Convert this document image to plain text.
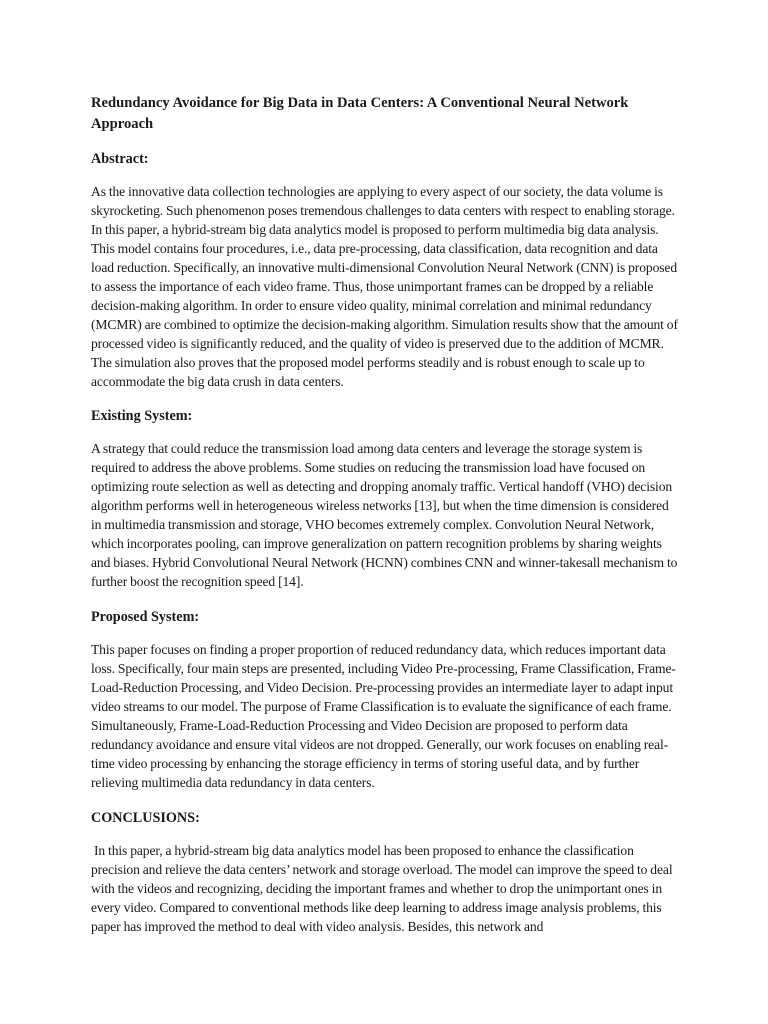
Redundancy Avoidance for Big Data in Data Centers: A Conventional Neural Network Approach
Abstract:

As the innovative data collection technologies are applying to every aspect of our society, the data volume is skyrocketing. Such phenomenon poses tremendous challenges to data centers with respect to enabling storage. In this paper, a hybrid-stream big data analytics model is proposed to perform multimedia big data analysis. This model contains four procedures, i.e., data pre-processing, data classification, data recognition and data load reduction. Specifically, an innovative multi-dimensional Convolution Neural Network (CNN) is proposed to assess the importance of each video frame. Thus, those unimportant frames can be dropped by a reliable decision-making algorithm. In order to ensure video quality, minimal correlation and minimal redundancy (MCMR) are combined to optimize the decision-making algorithm. Simulation results show that the amount of processed video is significantly reduced, and the quality of video is preserved due to the addition of MCMR. The simulation also proves that the proposed model performs steadily and is robust enough to scale up to accommodate the big data crush in data centers.

Existing System:

A strategy that could reduce the transmission load among data centers and leverage the storage system is required to address the above problems. Some studies on reducing the transmission load have focused on optimizing route selection as well as detecting and dropping anomaly traffic. Vertical handoff (VHO) decision algorithm performs well in heterogeneous wireless networks [13], but when the time dimension is considered in multimedia transmission and storage, VHO becomes extremely complex. Convolution Neural Network, which incorporates pooling, can improve generalization on pattern recognition problems by sharing weights and biases. Hybrid Convolutional Neural Network (HCNN) combines CNN and winner-takesall mechanism to further boost the recognition speed [14].

Proposed System:

This paper focuses on finding a proper proportion of reduced redundancy data, which reduces important data loss. Specifically, four main steps are presented, including Video Pre-processing, Frame Classification, Frame-Load-Reduction Processing, and Video Decision. Pre-processing provides an intermediate layer to adapt input video streams to our model. The purpose of Frame Classification is to evaluate the significance of each frame. Simultaneously, Frame-Load-Reduction Processing and Video Decision are proposed to perform data redundancy avoidance and ensure vital videos are not dropped. Generally, our work focuses on enabling real-time video processing by enhancing the storage efficiency in terms of storing useful data, and by further relieving multimedia data redundancy in data centers.

CONCLUSIONS:

In this paper, a hybrid-stream big data analytics model has been proposed to enhance the classification precision and relieve the data centers’ network and storage overload. The model can improve the speed to deal with the videos and recognizing, deciding the important frames and whether to drop the unimportant ones in every video. Compared to conventional methods like deep learning to address image analysis problems, this paper has improved the method to deal with video analysis. Besides, this network and
